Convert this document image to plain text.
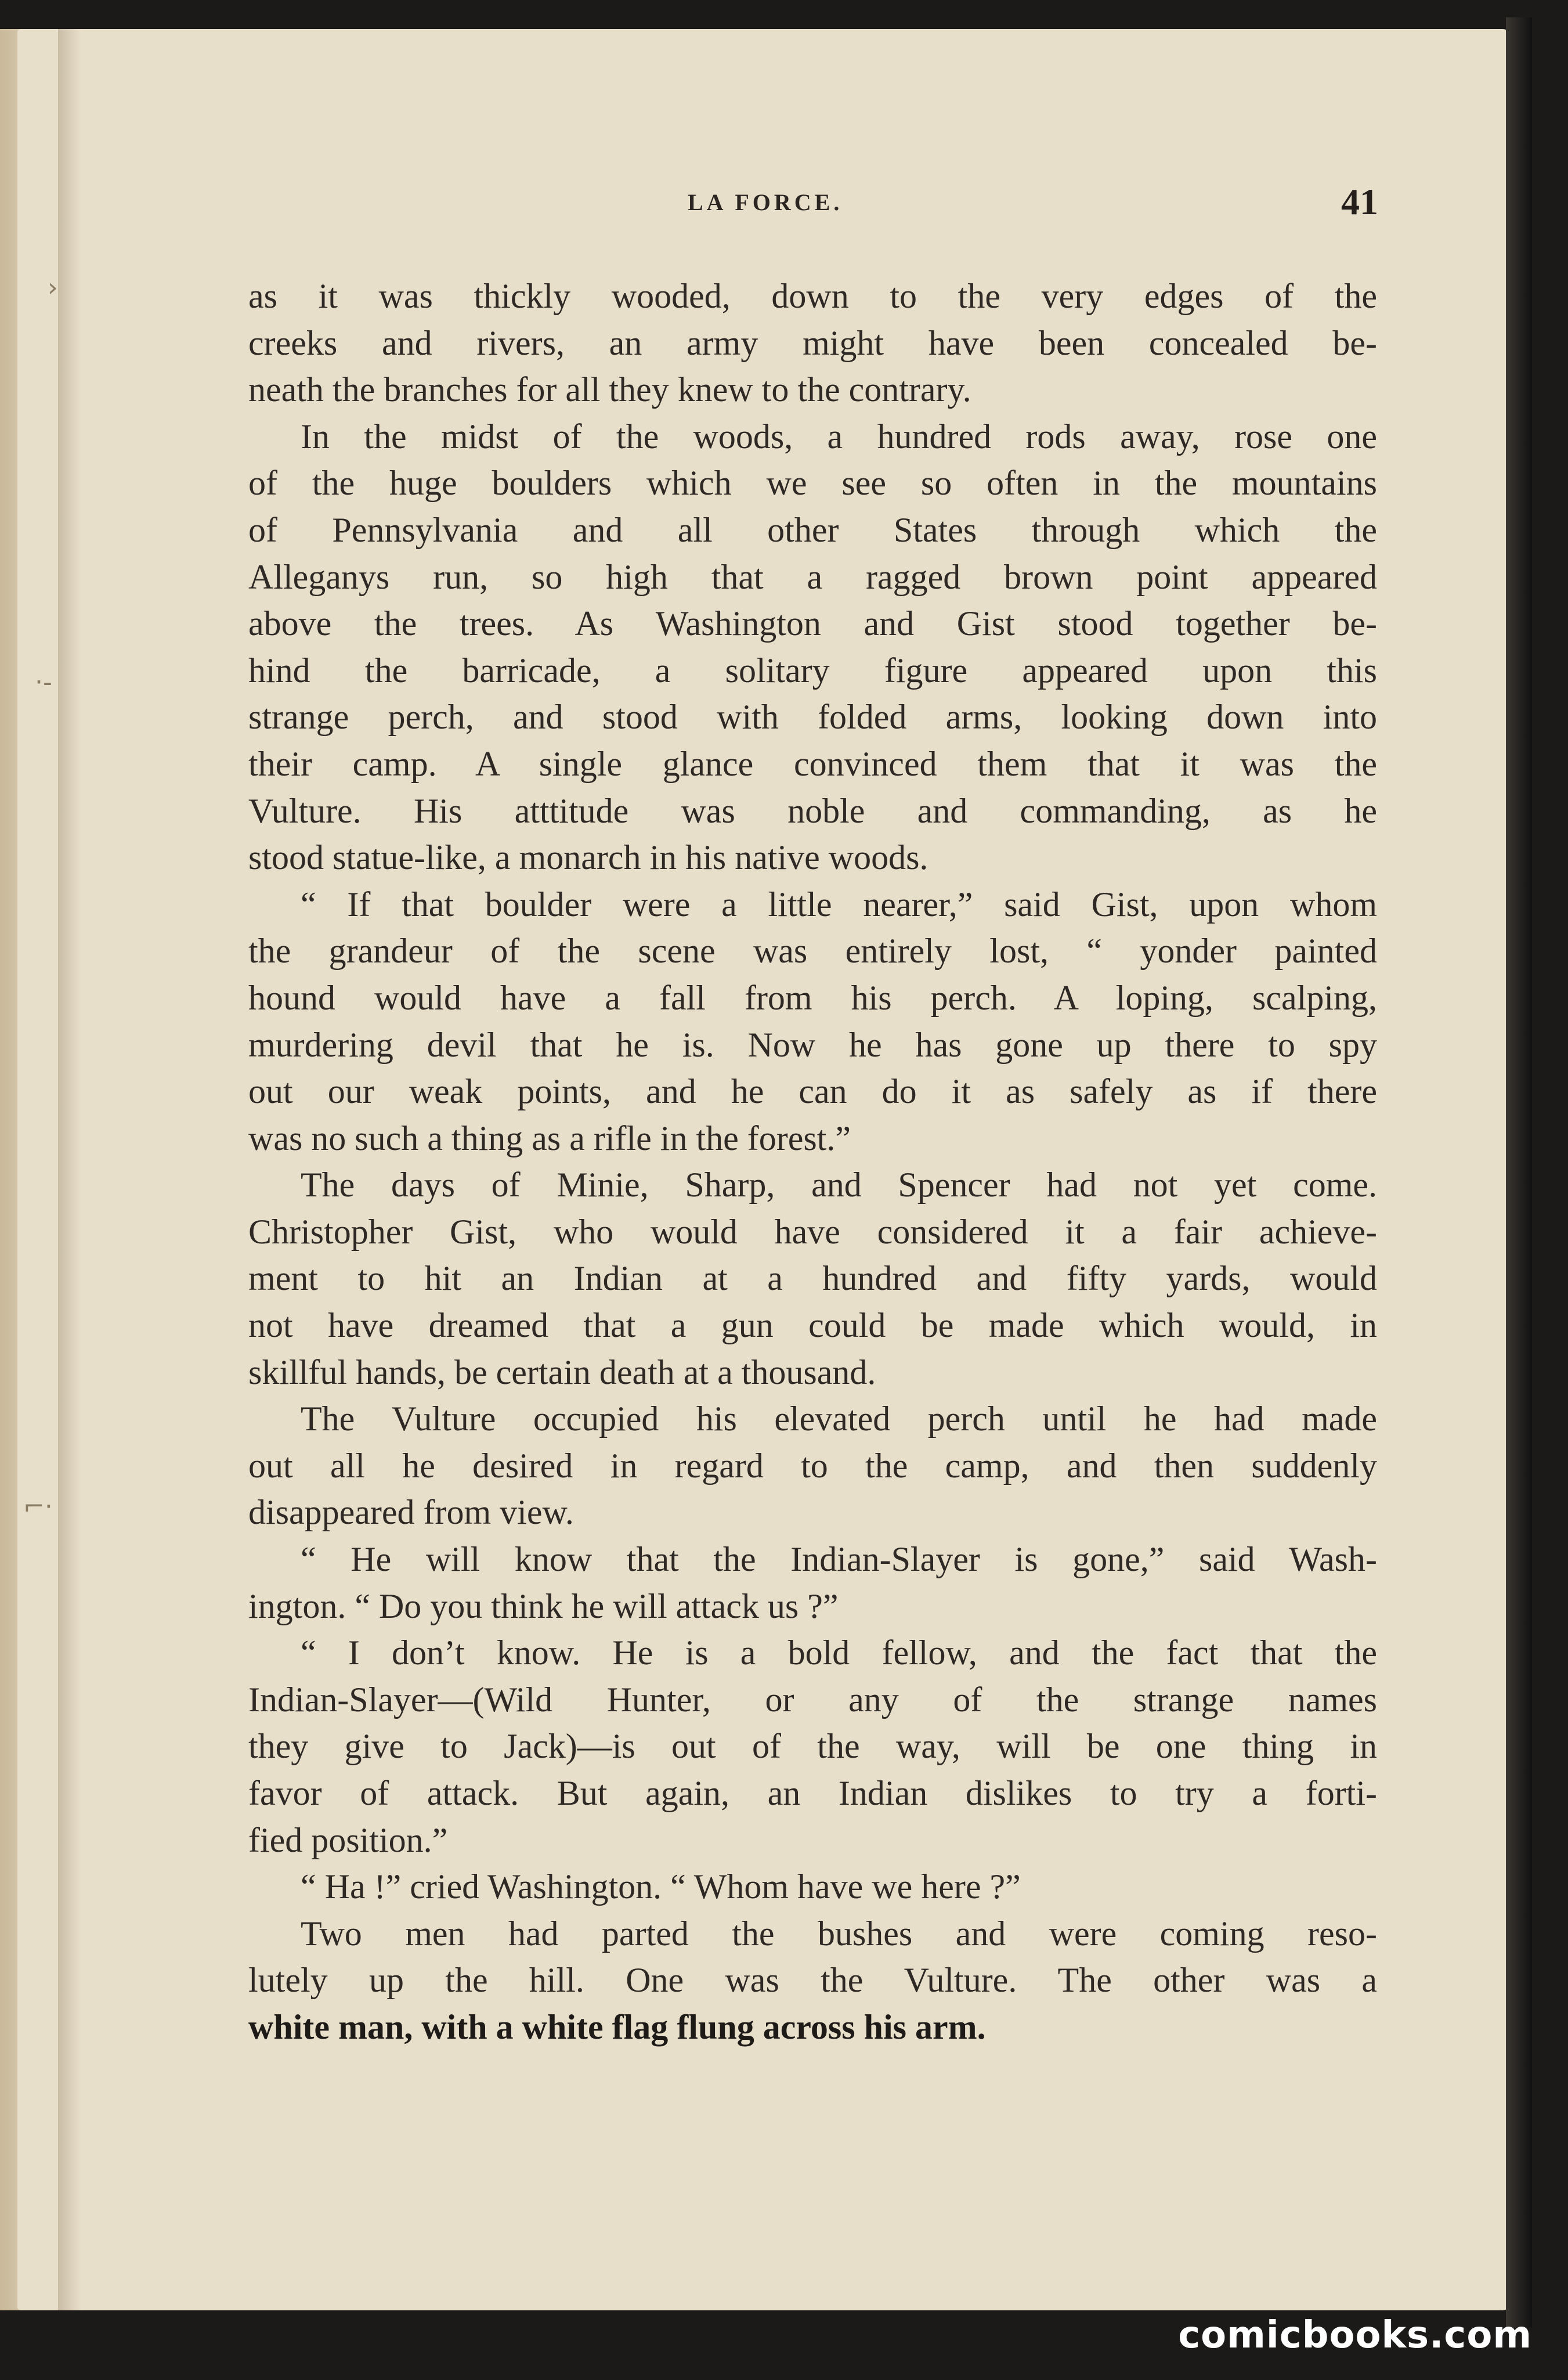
›
·-
⌐·
LA FORCE.	41

as it was thickly wooded, down to the very edges of the

creeks and rivers, an army might have been concealed be-

neath the branches for all they knew to the contrary.

In the midst of the woods, a hundred rods away, rose one

of the huge boulders which we see so often in the mountains

of Pennsylvania and all other States through which the

Alleganys run, so high that a ragged brown point appeared

above the trees. As Washington and Gist stood together be-

hind the barricade, a solitary figure appeared upon this

strange perch, and stood with folded arms, looking down into

their camp. A single glance convinced them that it was the

Vulture. His atttitude was noble and commanding, as he

stood statue-like, a monarch in his native woods.

“ If that boulder were a little nearer,” said Gist, upon whom

the grandeur of the scene was entirely lost, “ yonder painted

hound would have a fall from his perch. A loping, scalping,

murdering devil that he is. Now he has gone up there to spy

out our weak points, and he can do it as safely as if there

was no such a thing as a rifle in the forest.”

The days of Minie, Sharp, and Spencer had not yet come.

Christopher Gist, who would have considered it a fair achieve-

ment to hit an Indian at a hundred and fifty yards, would

not have dreamed that a gun could be made which would, in

skillful hands, be certain death at a thousand.

The Vulture occupied his elevated perch until he had made

out all he desired in regard to the camp, and then suddenly

disappeared from view.

“ He will know that the Indian-Slayer is gone,” said Wash-

ington. “ Do you think he will attack us ?”

“ I don’t know. He is a bold fellow, and the fact that the

Indian-Slayer—(Wild Hunter, or any of the strange names

they give to Jack)—is out of the way, will be one thing in

favor of attack. But again, an Indian dislikes to try a forti-

fied position.”

“ Ha !” cried Washington. “ Whom have we here ?”

Two men had parted the bushes and were coming reso-

lutely up the hill. One was the Vulture. The other was a

white man, with a white flag flung across his arm.

comicbooks.com
